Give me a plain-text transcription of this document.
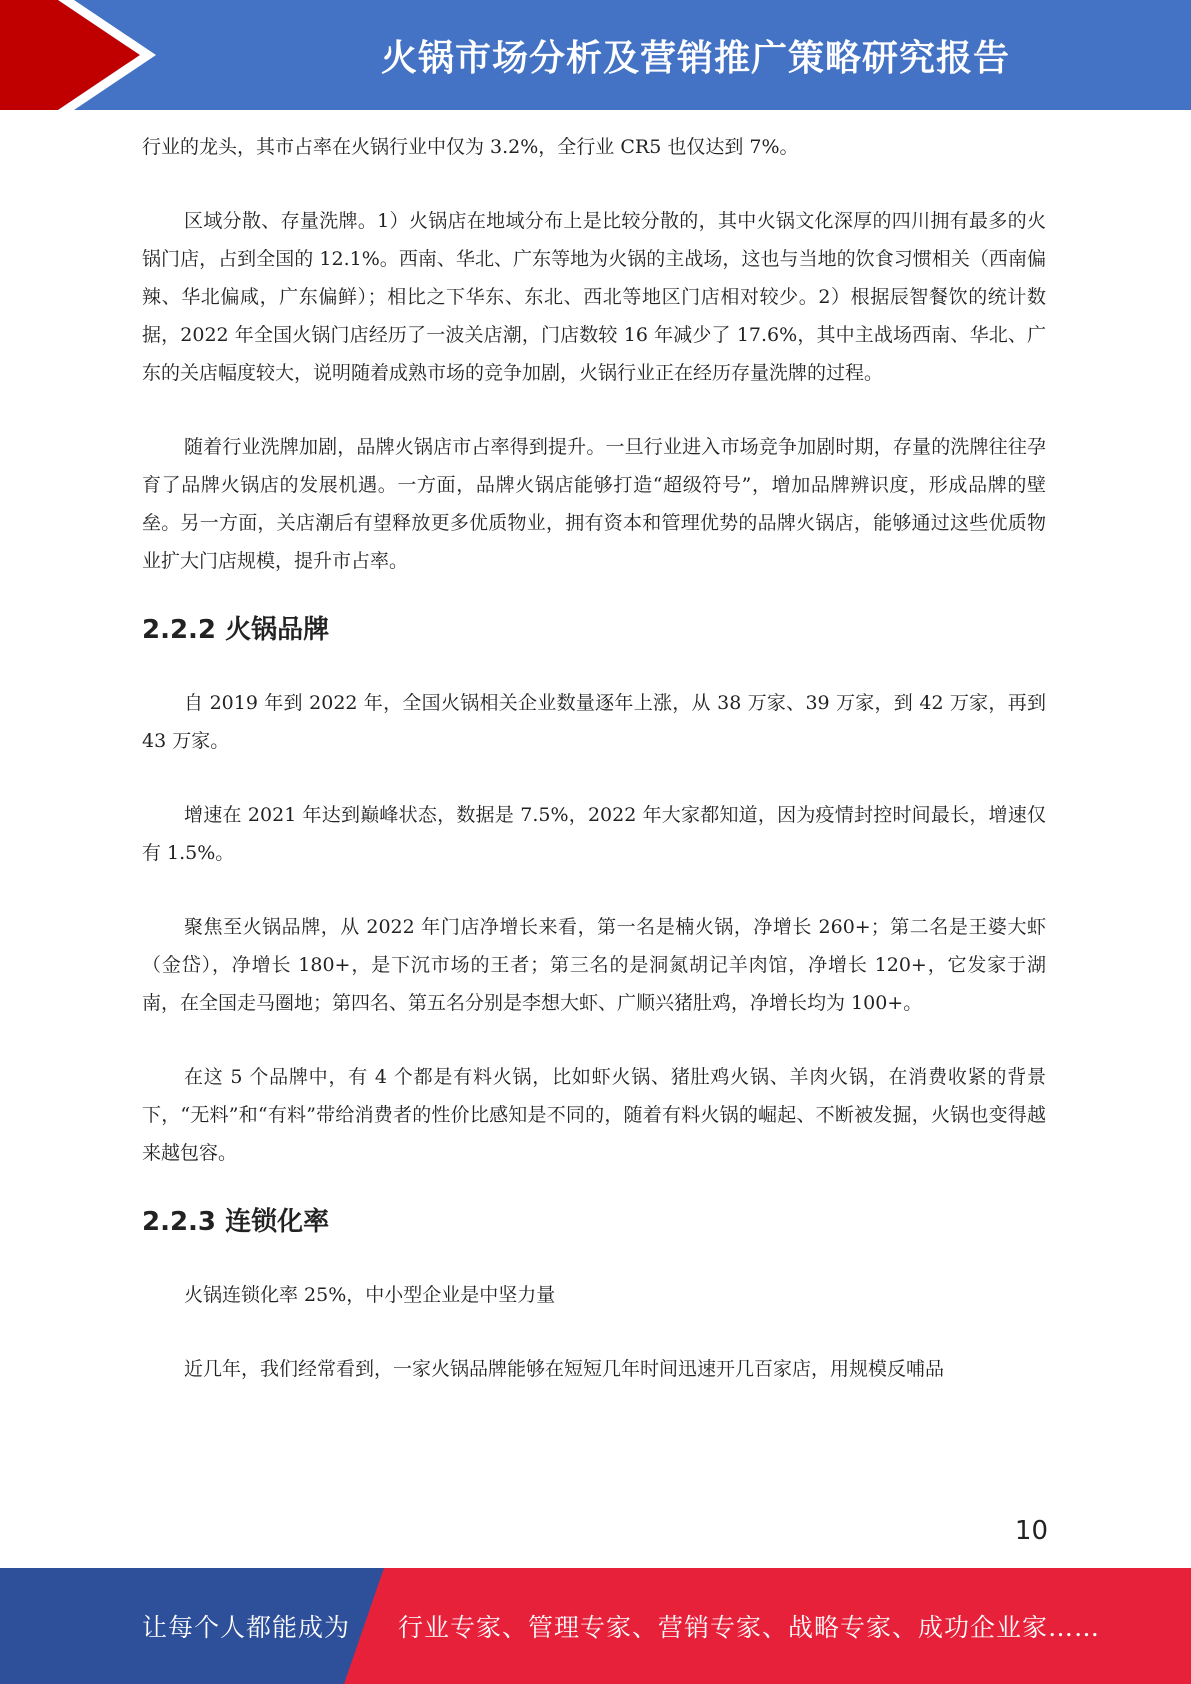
火锅市场分析及营销推广策略研究报告

行业的龙头，其市占率在火锅行业中仅为 3.2%，全行业 CR5 也仅达到 7%。

区域分散、存量洗牌。1）火锅店在地域分布上是比较分散的，其中火锅文化深厚的四川拥有最多的火锅门店，占到全国的 12.1%。西南、华北、广东等地为火锅的主战场，这也与当地的饮食习惯相关（西南偏辣、华北偏咸，广东偏鲜）；相比之下华东、东北、西北等地区门店相对较少。2）根据辰智餐饮的统计数据，2022 年全国火锅门店经历了一波关店潮，门店数较 16 年减少了 17.6%，其中主战场西南、华北、广东的关店幅度较大，说明随着成熟市场的竞争加剧，火锅行业正在经历存量洗牌的过程。

随着行业洗牌加剧，品牌火锅店市占率得到提升。一旦行业进入市场竞争加剧时期，存量的洗牌往往孕育了品牌火锅店的发展机遇。一方面，品牌火锅店能够打造“超级符号”，增加品牌辨识度，形成品牌的壁垒。另一方面，关店潮后有望释放更多优质物业，拥有资本和管理优势的品牌火锅店，能够通过这些优质物业扩大门店规模，提升市占率。

2.2.2 火锅品牌

自 2019 年到 2022 年，全国火锅相关企业数量逐年上涨，从 38 万家、39 万家，到 42 万家，再到 43 万家。

增速在 2021 年达到巅峰状态，数据是 7.5%，2022 年大家都知道，因为疫情封控时间最长，增速仅有 1.5%。

聚焦至火锅品牌，从 2022 年门店净增长来看，第一名是楠火锅，净增长 260+；第二名是王婆大虾（金岱），净增长 180+，是下沉市场的王者；第三名的是洞氮胡记羊肉馆，净增长 120+，它发家于湖南，在全国走马圈地；第四名、第五名分别是李想大虾、广顺兴猪肚鸡，净增长均为 100+。

在这 5 个品牌中，有 4 个都是有料火锅，比如虾火锅、猪肚鸡火锅、羊肉火锅，在消费收紧的背景下，“无料”和“有料”带给消费者的性价比感知是不同的，随着有料火锅的崛起、不断被发掘，火锅也变得越来越包容。

2.2.3 连锁化率

火锅连锁化率 25%，中小型企业是中坚力量

近几年，我们经常看到，一家火锅品牌能够在短短几年时间迅速开几百家店，用规模反哺品

10
让每个人都能成为 行业专家、管理专家、营销专家、战略专家、成功企业家……
